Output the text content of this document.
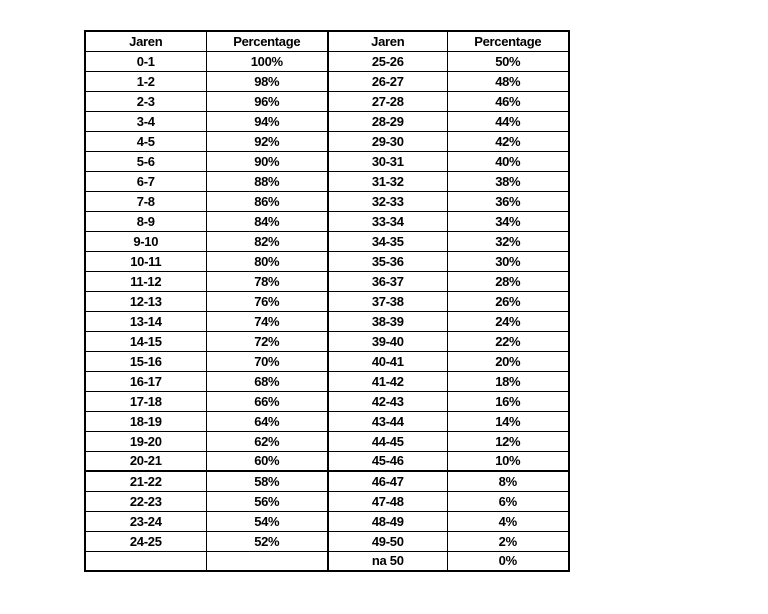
Jaren	Percentage	Jaren	Percentage
0-1	100%	25-26	50%
1-2	98%	26-27	48%
2-3	96%	27-28	46%
3-4	94%	28-29	44%
4-5	92%	29-30	42%
5-6	90%	30-31	40%
6-7	88%	31-32	38%
7-8	86%	32-33	36%
8-9	84%	33-34	34%
9-10	82%	34-35	32%
10-11	80%	35-36	30%
11-12	78%	36-37	28%
12-13	76%	37-38	26%
13-14	74%	38-39	24%
14-15	72%	39-40	22%
15-16	70%	40-41	20%
16-17	68%	41-42	18%
17-18	66%	42-43	16%
18-19	64%	43-44	14%
19-20	62%	44-45	12%
20-21	60%	45-46	10%
21-22	58%	46-47	8%
22-23	56%	47-48	6%
23-24	54%	48-49	4%
24-25	52%	49-50	2%
		na 50	0%
